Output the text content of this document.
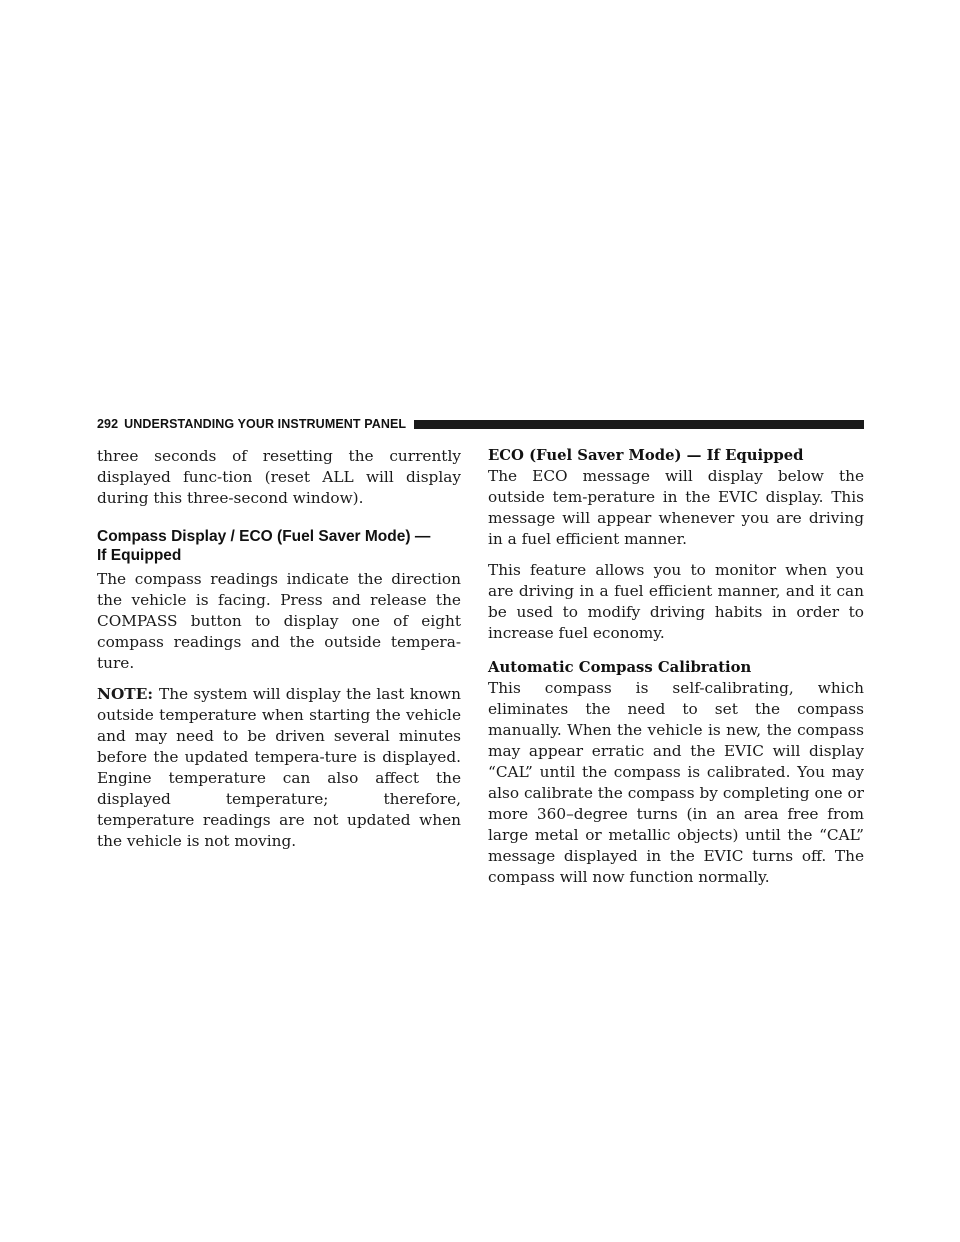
292 UNDERSTANDING YOUR INSTRUMENT PANEL

three seconds of resetting the currently displayed func-tion (reset ALL will display during this three-second window).

Compass Display / ECO (Fuel Saver Mode) —
If Equipped

The compass readings indicate the direction the vehicle is facing. Press and release the COMPASS button to display one of eight compass readings and the outside tempera-ture.

NOTE: The system will display the last known outside temperature when starting the vehicle and may need to be driven several minutes before the updated tempera-ture is displayed. Engine temperature can also affect the displayed temperature; therefore, temperature readings are not updated when the vehicle is not moving.

ECO (Fuel Saver Mode) — If Equipped

The ECO message will display below the outside tem-perature in the EVIC display. This message will appear whenever you are driving in a fuel efficient manner.

This feature allows you to monitor when you are driving in a fuel efficient manner, and it can be used to modify driving habits in order to increase fuel economy.

Automatic Compass Calibration

This compass is self-calibrating, which eliminates the need to set the compass manually. When the vehicle is new, the compass may appear erratic and the EVIC will display “CAL” until the compass is calibrated. You may also calibrate the compass by completing one or more 360–degree turns (in an area free from large metal or metallic objects) until the “CAL” message displayed in the EVIC turns off. The compass will now function normally.
